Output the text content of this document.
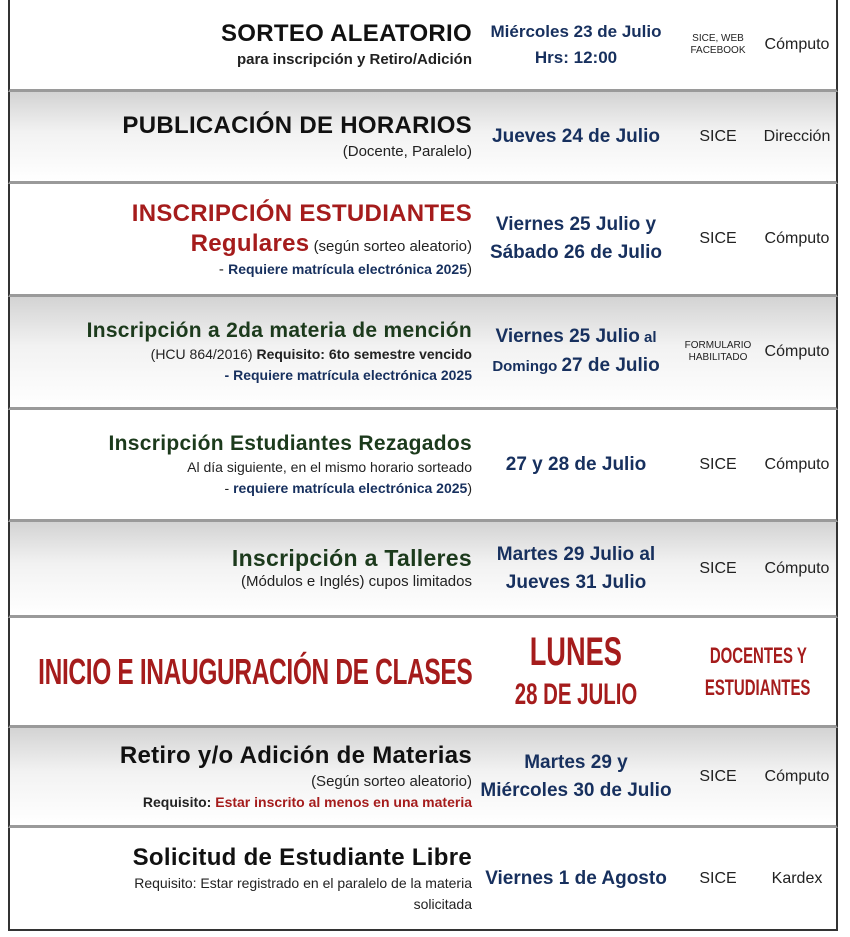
SORTEO ALEATORIO
para inscripción y Retiro/Adición
Miércoles 23 de Julio
Hrs: 12:00
SICE, WEB
FACEBOOK Cómputo
PUBLICACIÓN DE HORARIOS
(Docente, Paralelo)
Jueves 24 de Julio SICE Dirección
INSCRIPCIÓN ESTUDIANTES
Regulares (según sorteo aleatorio)
- Requiere matrícula electrónica 2025)
Viernes 25 Julio y
Sábado 26 de Julio
SICE Cómputo
Inscripción a 2da materia de mención
(HCU 864/2016) Requisito: 6to semestre vencido
- Requiere matrícula electrónica 2025
Viernes 25 Julio al
Domingo 27 de Julio
FORMULARIO
HABILITADO Cómputo
Inscripción Estudiantes Rezagados
Al día siguiente, en el mismo horario sorteado
- requiere matrícula electrónica 2025)
27 y 28 de Julio	SICE Cómputo
Inscripción a Talleres
(Módulos e Inglés) cupos limitados
Martes 29 Julio al
Jueves 31 Julio
SICE Cómputo
INICIO E INAUGURACIÓN DE CLASES LUNES
28 DE JULIO
DOCENTES Y
ESTUDIANTES
Retiro y/o Adición de Materias
(Según sorteo aleatorio)
Requisito: Estar inscrito al menos en una materia
Martes 29 y
Miércoles 30 de Julio
SICE Cómputo
Solicitud de Estudiante Libre
Requisito: Estar registrado en el paralelo de la materia
solicitada
Viernes 1 de Agosto SICE Kardex
